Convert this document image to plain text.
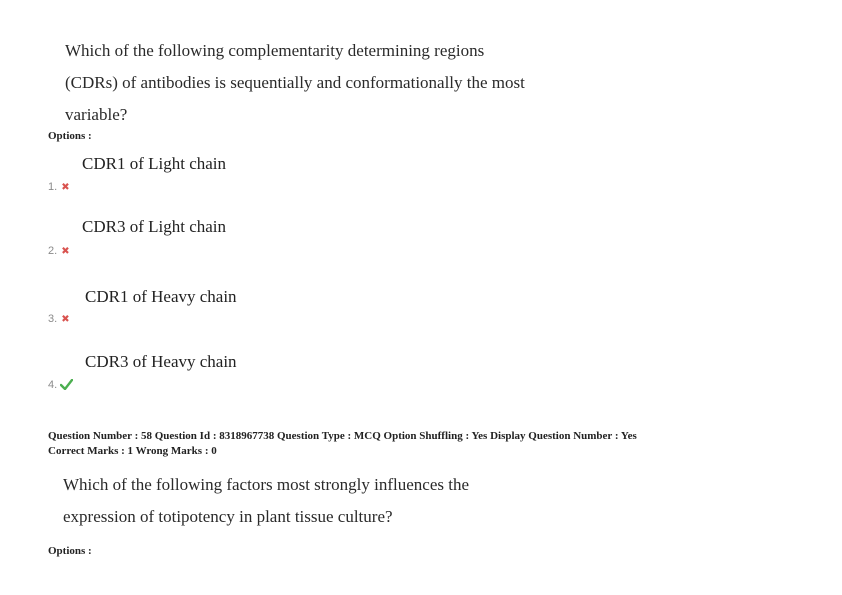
Which of the following complementarity determining regions
(CDRs) of antibodies is sequentially and conformationally the most
variable?
Options :
CDR1 of Light chain
1. ✖
CDR3 of Light chain
2. ✖
CDR1 of Heavy chain
3. ✖
CDR3 of Heavy chain
4.
Question Number : 58 Question Id : 8318967738 Question Type : MCQ Option Shuffling : Yes Display Question Number : Yes
Correct Marks : 1 Wrong Marks : 0
Which of the following factors most strongly influences the
expression of totipotency in plant tissue culture?
Options :
